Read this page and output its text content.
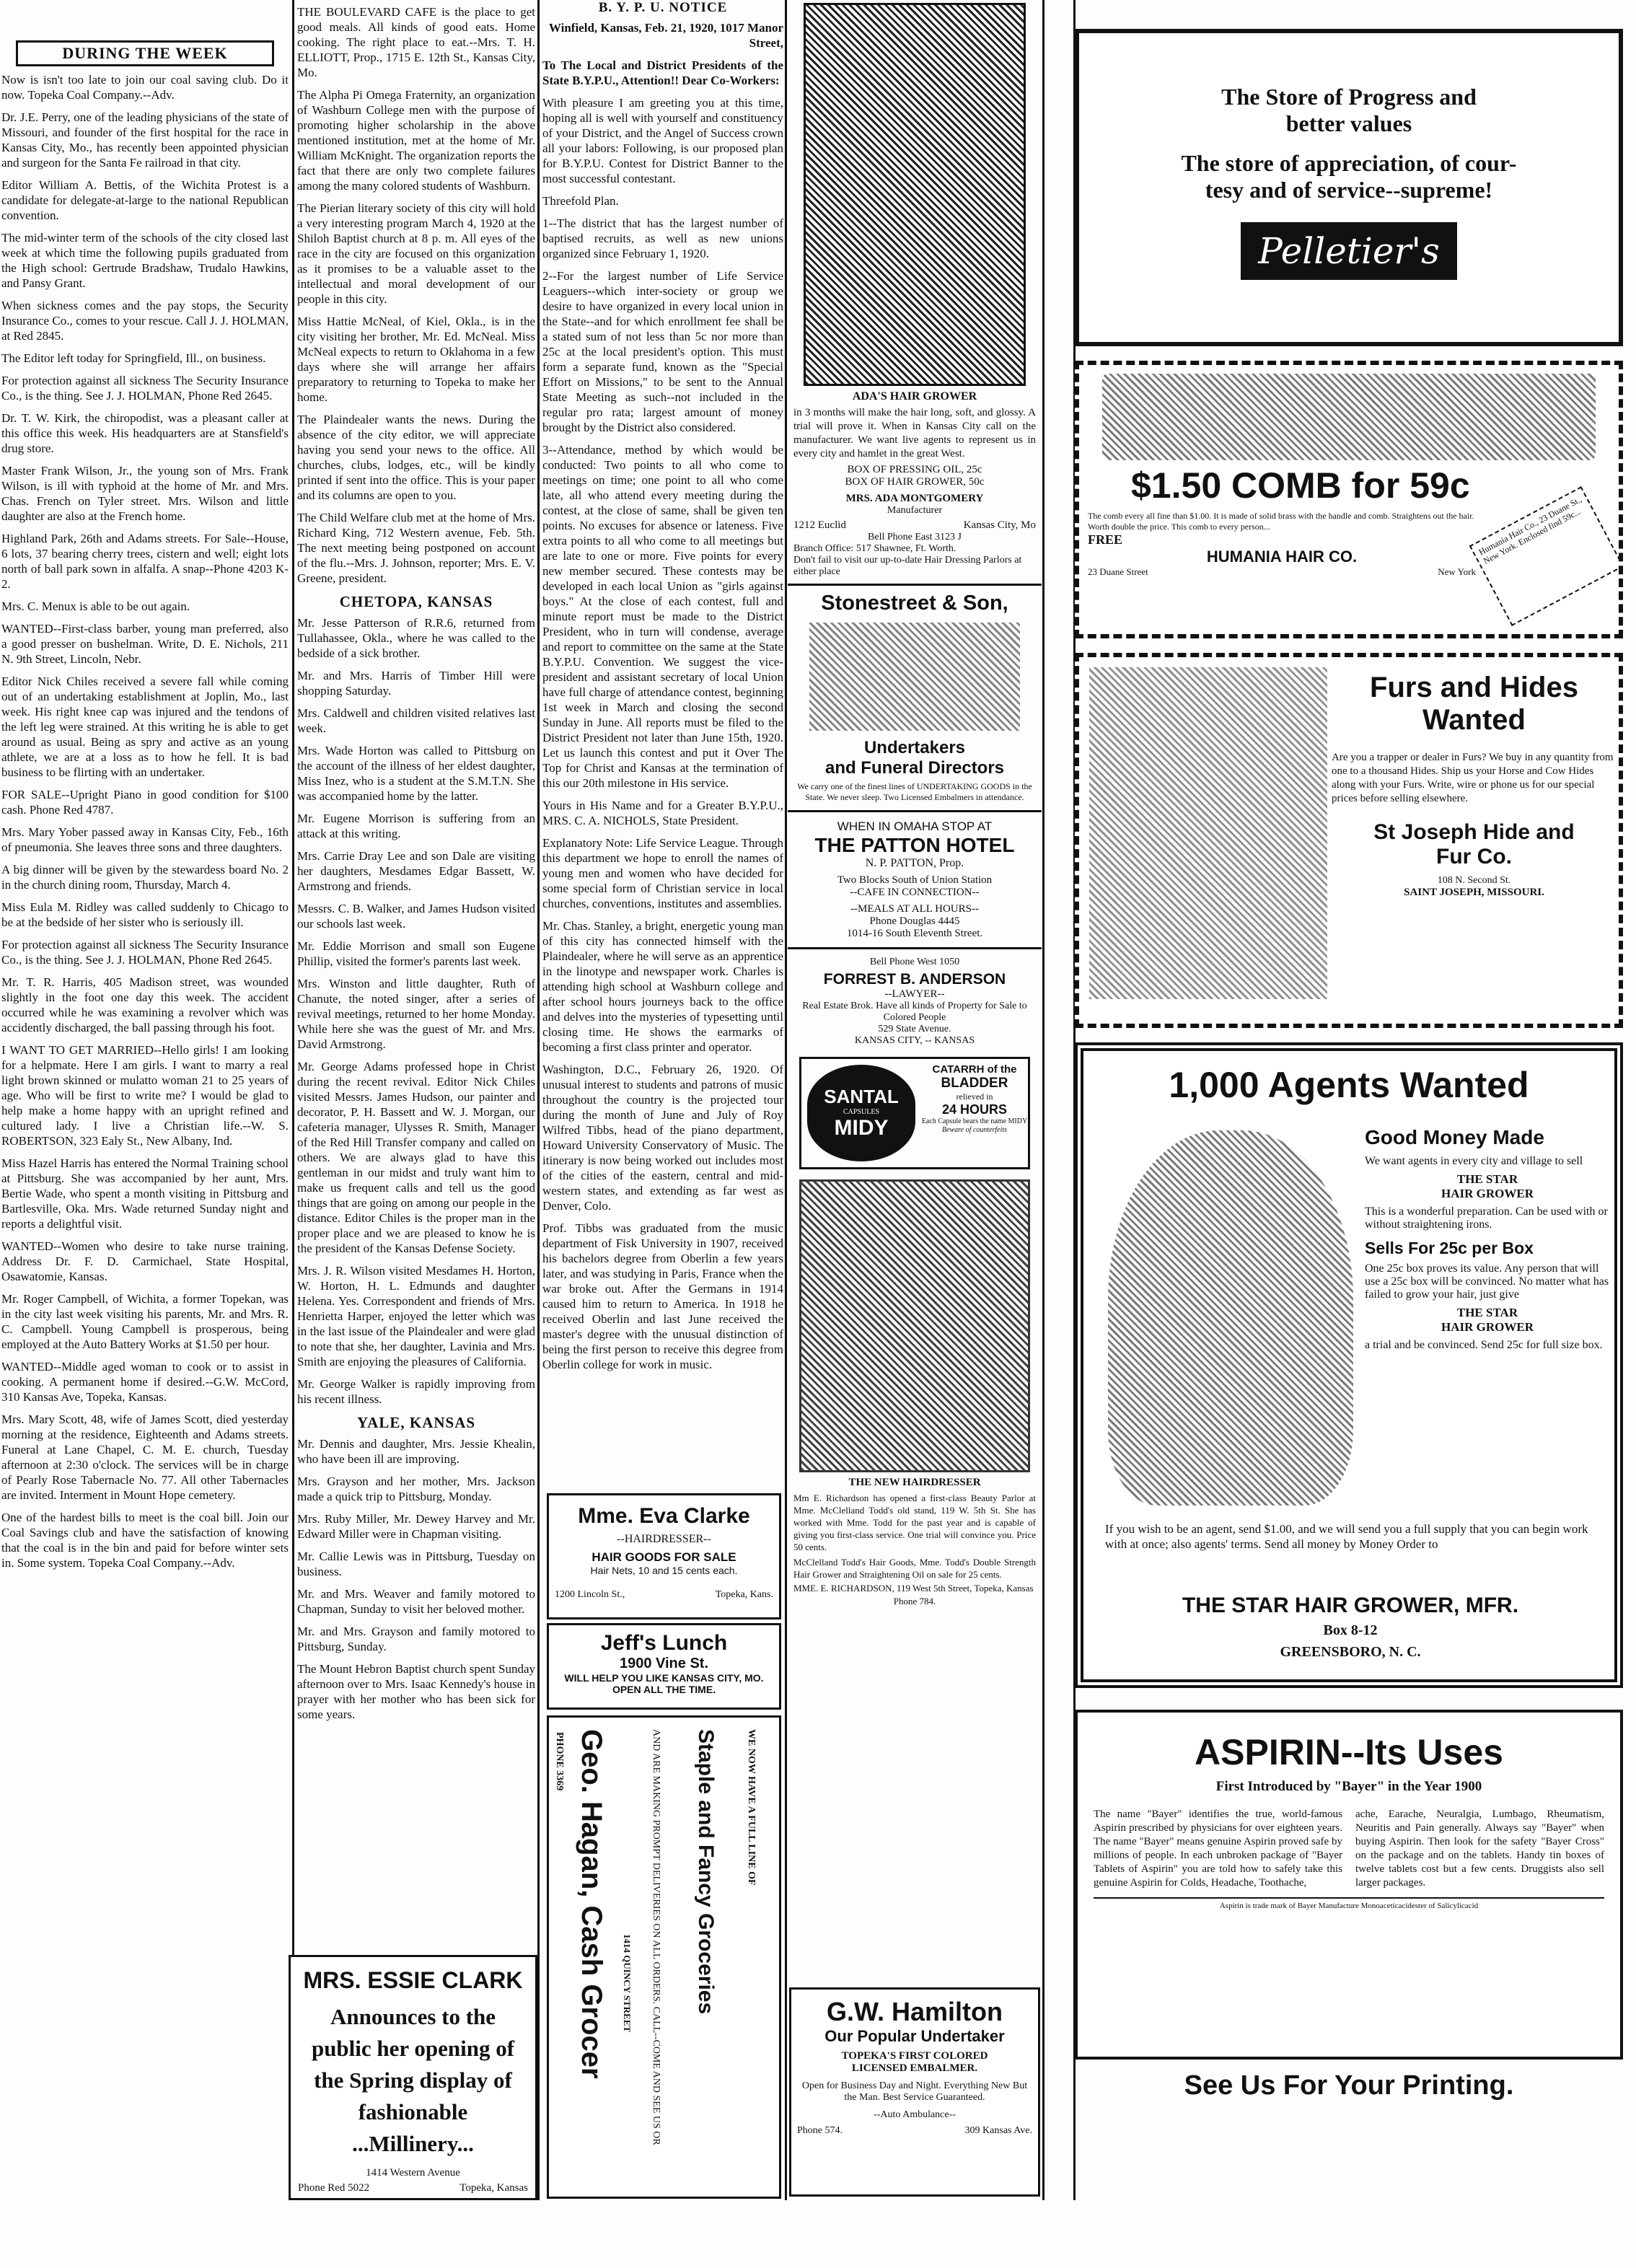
DURING THE WEEK

Now is isn't too late to join our coal saving club. Do it now. Topeka Coal Company.--Adv.

Dr. J.E. Perry, one of the leading physicians of the state of Missouri, and founder of the first hospital for the race in Kansas City, Mo., has recently been appointed physician and surgeon for the Santa Fe railroad in that city.

Editor William A. Bettis, of the Wichita Protest is a candidate for delegate-at-large to the national Republican convention.

The mid-winter term of the schools of the city closed last week at which time the following pupils graduated from the High school: Gertrude Bradshaw, Trudalo Hawkins, and Pansy Grant.

When sickness comes and the pay stops, the Security Insurance Co., comes to your rescue. Call J. J. HOLMAN, at Red 2845.

The Editor left today for Springfield, Ill., on business.

For protection against all sickness The Security Insurance Co., is the thing. See J. J. HOLMAN, Phone Red 2645.

Dr. T. W. Kirk, the chiropodist, was a pleasant caller at this office this week. His headquarters are at Stansfield's drug store.

Master Frank Wilson, Jr., the young son of Mrs. Frank Wilson, is ill with typhoid at the home of Mr. and Mrs. Chas. French on Tyler street. Mrs. Wilson and little daughter are also at the French home.

Highland Park, 26th and Adams streets. For Sale--House, 6 lots, 37 bearing cherry trees, cistern and well; eight lots north of ball park sown in alfalfa. A snap--Phone 4203 K-2.

Mrs. C. Menux is able to be out again.

WANTED--First-class barber, young man preferred, also a good presser on bushelman. Write, D. E. Nichols, 211 N. 9th Street, Lincoln, Nebr.

Editor Nick Chiles received a severe fall while coming out of an undertaking establishment at Joplin, Mo., last week. His right knee cap was injured and the tendons of the left leg were strained. At this writing he is able to get around as usual. Being as spry and active as an young athlete, we are at a loss as to how he fell. It is bad business to be flirting with an undertaker.

FOR SALE--Upright Piano in good condition for $100 cash. Phone Red 4787.

Mrs. Mary Yober passed away in Kansas City, Feb., 16th of pneumonia. She leaves three sons and three daughters.

A big dinner will be given by the stewardess board No. 2 in the church dining room, Thursday, March 4.

Miss Eula M. Ridley was called suddenly to Chicago to be at the bedside of her sister who is seriously ill.

For protection against all sickness The Security Insurance Co., is the thing. See J. J. HOLMAN, Phone Red 2645.

Mr. T. R. Harris, 405 Madison street, was wounded slightly in the foot one day this week. The accident occurred while he was examining a revolver which was accidently discharged, the ball passing through his foot.

I WANT TO GET MARRIED--Hello girls! I am looking for a helpmate. Here I am girls. I want to marry a real light brown skinned or mulatto woman 21 to 25 years of age. Who will be first to write me? I would be glad to help make a home happy with an upright refined and cultured lady. I live a Christian life.--W. S. ROBERTSON, 323 Ealy St., New Albany, Ind.

Miss Hazel Harris has entered the Normal Training school at Pittsburg. She was accompanied by her aunt, Mrs. Bertie Wade, who spent a month visiting in Pittsburg and Bartlesville, Oka. Mrs. Wade returned Sunday night and reports a delightful visit.

WANTED--Women who desire to take nurse training. Address Dr. F. D. Carmichael, State Hospital, Osawatomie, Kansas.

Mr. Roger Campbell, of Wichita, a former Topekan, was in the city last week visiting his parents, Mr. and Mrs. R. C. Campbell. Young Campbell is prosperous, being employed at the Auto Battery Works at $1.50 per hour.

WANTED--Middle aged woman to cook or to assist in cooking. A permanent home if desired.--G.W. McCord, 310 Kansas Ave, Topeka, Kansas.

Mrs. Mary Scott, 48, wife of James Scott, died yesterday morning at the residence, Eighteenth and Adams streets. Funeral at Lane Chapel, C. M. E. church, Tuesday afternoon at 2:30 o'clock. The services will be in charge of Pearly Rose Tabernacle No. 77. All other Tabernacles are invited. Interment in Mount Hope cemetery.

One of the hardest bills to meet is the coal bill. Join our Coal Savings club and have the satisfaction of knowing that the coal is in the bin and paid for before winter sets in. Some system. Topeka Coal Company.--Adv.

THE BOULEVARD CAFE is the place to get good meals. All kinds of good eats. Home cooking. The right place to eat.--Mrs. T. H. ELLIOTT, Prop., 1715 E. 12th St., Kansas City, Mo.

The Alpha Pi Omega Fraternity, an organization of Washburn College men with the purpose of promoting higher scholarship in the above mentioned institution, met at the home of Mr. William McKnight. The organization reports the fact that there are only two complete failures among the many colored students of Washburn.

The Pierian literary society of this city will hold a very interesting program March 4, 1920 at the Shiloh Baptist church at 8 p. m. All eyes of the race in the city are focused on this organization as it promises to be a valuable asset to the intellectual and moral development of our people in this city.

Miss Hattie McNeal, of Kiel, Okla., is in the city visiting her brother, Mr. Ed. McNeal. Miss McNeal expects to return to Oklahoma in a few days where she will arrange her affairs preparatory to returning to Topeka to make her home.

The Plaindealer wants the news. During the absence of the city editor, we will appreciate having you send your news to the office. All churches, clubs, lodges, etc., will be kindly printed if sent into the office. This is your paper and its columns are open to you.

The Child Welfare club met at the home of Mrs. Richard King, 712 Western avenue, Feb. 5th. The next meeting being postponed on account of the flu.--Mrs. J. Johnson, reporter; Mrs. E. V. Greene, president.

CHETOPA, KANSAS

Mr. Jesse Patterson of R.R.6, returned from Tullahassee, Okla., where he was called to the bedside of a sick brother.

Mr. and Mrs. Harris of Timber Hill were shopping Saturday.

Mrs. Caldwell and children visited relatives last week.

Mrs. Wade Horton was called to Pittsburg on the account of the illness of her eldest daughter, Miss Inez, who is a student at the S.M.T.N. She was accompanied home by the latter.

Mr. Eugene Morrison is suffering from an attack at this writing.

Mrs. Carrie Dray Lee and son Dale are visiting her daughters, Mesdames Edgar Bassett, W. Armstrong and friends.

Messrs. C. B. Walker, and James Hudson visited our schools last week.

Mr. Eddie Morrison and small son Eugene Phillip, visited the former's parents last week.

Mrs. Winston and little daughter, Ruth of Chanute, the noted singer, after a series of revival meetings, returned to her home Monday. While here she was the guest of Mr. and Mrs. David Armstrong.

Mr. George Adams professed hope in Christ during the recent revival. Editor Nick Chiles visited Messrs. James Hudson, our painter and decorator, P. H. Bassett and W. J. Morgan, our cafeteria manager, Ulysses R. Smith, Manager of the Red Hill Transfer company and called on others. We are always glad to have this gentleman in our midst and truly want him to make us frequent calls and tell us the good things that are going on among our people in the distance. Editor Chiles is the proper man in the proper place and we are pleased to know he is the president of the Kansas Defense Society.

Mrs. J. R. Wilson visited Mesdames H. Horton, W. Horton, H. L. Edmunds and daughter Helena. Yes. Correspondent and friends of Mrs. Henrietta Harper, enjoyed the letter which was in the last issue of the Plaindealer and were glad to note that she, her daughter, Lavinia and Mrs. Smith are enjoying the pleasures of California.

Mr. George Walker is rapidly improving from his recent illness.

YALE, KANSAS

Mr. Dennis and daughter, Mrs. Jessie Khealin, who have been ill are improving.

Mrs. Grayson and her mother, Mrs. Jackson made a quick trip to Pittsburg, Monday.

Mrs. Ruby Miller, Mr. Dewey Harvey and Mr. Edward Miller were in Chapman visiting.

Mr. Callie Lewis was in Pittsburg, Tuesday on business.

Mr. and Mrs. Weaver and family motored to Chapman, Sunday to visit her beloved mother.

Mr. and Mrs. Grayson and family motored to Pittsburg, Sunday.

The Mount Hebron Baptist church spent Sunday afternoon over to Mrs. Isaac Kennedy's house in prayer with her mother who has been sick for some years.

MRS. ESSIE CLARK
Announces to the public her opening of the Spring display of fashionable ...Millinery...
1414 Western Avenue
Phone Red 5022	Topeka, Kansas
B. Y. P. U. NOTICE

Winfield, Kansas, Feb. 21, 1920, 1017 Manor Street,

To The Local and District Presidents of the State B.Y.P.U., Attention!! Dear Co-Workers:

With pleasure I am greeting you at this time, hoping all is well with yourself and constituency of your District, and the Angel of Success crown all your labors: Following, is our proposed plan for B.Y.P.U. Contest for District Banner to the most successful contestant.

Threefold Plan.

1--The district that has the largest number of baptised recruits, as well as new unions organized since February 1, 1920.

2--For the largest number of Life Service Leaguers--which inter-society or group we desire to have organized in every local union in the State--and for which enrollment fee shall be a stated sum of not less than 5c nor more than 25c at the local president's option. This must form a separate fund, known as the "Special Effort on Missions," to be sent to the Annual State Meeting as such--not included in the regular pro rata; largest amount of money brought by the District also considered.

3--Attendance, method by which would be conducted: Two points to all who come to meetings on time; one point to all who come late, all who attend every meeting during the contest, at the close of same, shall be given ten points. No excuses for absence or lateness. Five extra points to all who come to all meetings but are late to one or more. Five points for every new member secured. These contests may be developed in each local Union as "girls against boys." At the close of each contest, full and minute report must be made to the District President, who in turn will condense, average and report to committee on the same at the State B.Y.P.U. Convention. We suggest the vice-president and assistant secretary of local Union have full charge of attendance contest, beginning 1st week in March and closing the second Sunday in June. All reports must be filed to the District President not later than June 15th, 1920. Let us launch this contest and put it Over The Top for Christ and Kansas at the termination of this our 20th milestone in His service.

Yours in His Name and for a Greater B.Y.P.U., MRS. C. A. NICHOLS, State President.

Explanatory Note: Life Service League. Through this department we hope to enroll the names of young men and women who have decided for some special form of Christian service in local churches, conventions, institutes and assemblies.

Mr. Chas. Stanley, a bright, energetic young man of this city has connected himself with the Plaindealer, where he will serve as an apprentice in the linotype and newspaper work. Charles is attending high school at Washburn college and after school hours journeys back to the office and delves into the mysteries of typesetting until closing time. He shows the earmarks of becoming a first class printer and operator.

Washington, D.C., February 26, 1920. Of unusual interest to students and patrons of music throughout the country is the projected tour during the month of June and July of Roy Wilfred Tibbs, head of the piano department, Howard University Conservatory of Music. The itinerary is now being worked out includes most of the cities of the eastern, central and mid-western states, and extending as far west as Denver, Colo.

Prof. Tibbs was graduated from the music department of Fisk University in 1907, received his bachelors degree from Oberlin a few years later, and was studying in Paris, France when the war broke out. After the Germans in 1914 caused him to return to America. In 1918 he received Oberlin and last June received the master's degree with the unusual distinction of being the first person to receive this degree from Oberlin college for work in music.

Mme. Eva Clarke
--HAIRDRESSER--
HAIR GOODS FOR SALE
Hair Nets, 10 and 15 cents each.
1200 Lincoln St.,	Topeka, Kans.
Jeff's Lunch
1900 Vine St.
WILL HELP YOU LIKE KANSAS CITY, MO. OPEN ALL THE TIME.
PHONE 3369 Geo. Hagan, Cash Grocer 1414 QUINCY STREET AND ARE MAKING PROMPT DELIVERIES ON ALL ORDERS. CALL--COME AND SEE US OR Staple and Fancy Groceries	WE NOW HAVE A FULL LINE OF
ADA'S HAIR GROWER

in 3 months will make the hair long, soft, and glossy. A trial will prove it. When in Kansas City call on the manufacturer. We want live agents to represent us in every city and hamlet in the great West.

BOX OF PRESSING OIL, 25c
BOX OF HAIR GROWER, 50c
MRS. ADA MONTGOMERY
Manufacturer
1212 Euclid	Kansas City, Mo
Bell Phone East 3123 J
Branch Office: 517 Shawnee, Ft. Worth.
Don't fail to visit our up-to-date Hair Dressing Parlors at either place
Stonestreet & Son,
Undertakers
and Funeral Directors
We carry one of the finest lines of UNDERTAKING GOODS in the State. We never sleep. Two Licensed Embalmers in attendance.
WHEN IN OMAHA STOP AT
THE PATTON HOTEL
N. P. PATTON, Prop.
Two Blocks South of Union Station
--CAFE IN CONNECTION--
--MEALS AT ALL HOURS--
Phone Douglas 4445
1014-16 South Eleventh Street.
Bell Phone West 1050
FORREST B. ANDERSON
--LAWYER--
Real Estate Brok. Have all kinds of Property for Sale to Colored People
529 State Avenue.
KANSAS CITY, -- KANSAS
SANTAL
CAPSULES
MIDY
CATARRH of the
BLADDER
relieved in
24 HOURS
Each Capsule bears the name MIDY
Beware of counterfeits
THE NEW HAIRDRESSER

Mm E. Richardson has opened a first-class Beauty Parlor at Mme. McClelland Todd's old stand, 119 W. 5th St. She has worked with Mme. Todd for the past year and is capable of giving you first-class service. One trial will convince you. Price 50 cents.

McClelland Todd's Hair Goods, Mme. Todd's Double Strength Hair Grower and Straightening Oil on sale for 25 cents.

MME. E. RICHARDSON, 119 West 5th Street, Topeka, Kansas

Phone 784.
G.W. Hamilton
Our Popular Undertaker
TOPEKA'S FIRST COLORED
LICENSED EMBALMER.
Open for Business Day and Night. Everything New But the Man. Best Service Guaranteed.
--Auto Ambulance--
Phone 574.	309 Kansas Ave.
The Store of Progress and
better values
The store of appreciation, of cour-
tesy and of service--supreme!
Pelletier's
$1.50 COMB for 59c
The comb every all fine than $1.00. It is made of solid brass with the handle and comb. Straightens out the hair. Worth double the price. This comb to every person...
FREE
HUMANIA HAIR CO.
23 Duane Street	New York
Humania Hair Co., 23 Duane St., New York. Enclosed find 59c...
Furs and Hides
Wanted
Are you a trapper or dealer in Furs? We buy in any quantity from one to a thousand Hides. Ship us your Horse and Cow Hides along with your Furs. Write, wire or phone us for our special prices before selling elsewhere.
St Joseph Hide and
Fur Co.
108 N. Second St.
SAINT JOSEPH, MISSOURI.
1,000 Agents Wanted
Good Money Made
We want agents in every city and village to sell
THE STAR
HAIR GROWER
This is a wonderful preparation. Can be used with or without straightening irons.
Sells For 25c per Box
One 25c box proves its value. Any person that will use a 25c box will be convinced. No matter what has failed to grow your hair, just give
THE STAR
HAIR GROWER
a trial and be convinced. Send 25c for full size box.
If you wish to be an agent, send $1.00, and we will send you a full supply that you can begin work with at once; also agents' terms. Send all money by Money Order to
THE STAR HAIR GROWER, MFR.
Box 8-12
GREENSBORO, N. C.
ASPIRIN--Its Uses
First Introduced by "Bayer" in the Year 1900
The name "Bayer" identifies the true, world-famous Aspirin prescribed by physicians for over eighteen years. The name "Bayer" means genuine Aspirin proved safe by millions of people. In each unbroken package of "Bayer Tablets of Aspirin" you are told how to safely take this genuine Aspirin for Colds, Headache, Toothache,
ache, Earache, Neuralgia, Lumbago, Rheumatism, Neuritis and Pain generally. Always say "Bayer" when buying Aspirin. Then look for the safety "Bayer Cross" on the package and on the tablets. Handy tin boxes of twelve tablets cost but a few cents. Druggists also sell larger packages.
Aspirin is trade mark of Bayer Manufacture Monoaceticacidester of Salicylicacid
See Us For Your Printing.
